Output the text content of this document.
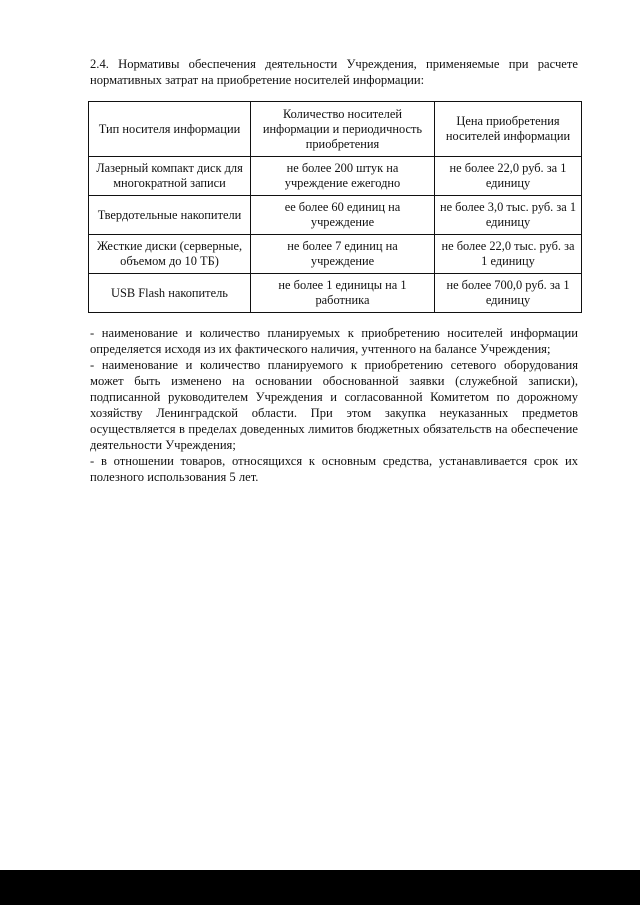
2.4. Нормативы обеспечения деятельности Учреждения, применяемые при расчете нормативных затрат на приобретение носителей информации:
Тип носителя информации	Количество носителей информации и периодичность приобретения	Цена приобретения носителей информации
Лазерный компакт диск для многократной записи	не более 200 штук на учреждение ежегодно	не более 22,0 руб. за 1 единицу
Твердотельные накопители	ее более 60 единиц на учреждение	не более 3,0 тыс. руб. за 1 единицу
Жесткие диски (серверные, объемом до 10 ТБ)	не более 7 единиц на учреждение	не более 22,0 тыс. руб. за 1 единицу
USB Flash накопитель	не более 1 единицы на 1 работника	не более 700,0 руб. за 1 единицу

- наименование и количество планируемых к приобретению носителей информации определяется исходя из их фактического наличия, учтенного на балансе Учреждения;

- наименование и количество планируемого к приобретению сетевого оборудования может быть изменено на основании обоснованной заявки (служебной записки), подписанной руководителем Учреждения и согласованной Комитетом по дорожному хозяйству Ленинградской области. При этом закупка неуказанных предметов осуществляется в пределах доведенных лимитов бюджетных обязательств на обеспечение деятельности Учреждения;

- в отношении товаров, относящихся к основным средства, устанавливается срок их полезного использования 5 лет.
